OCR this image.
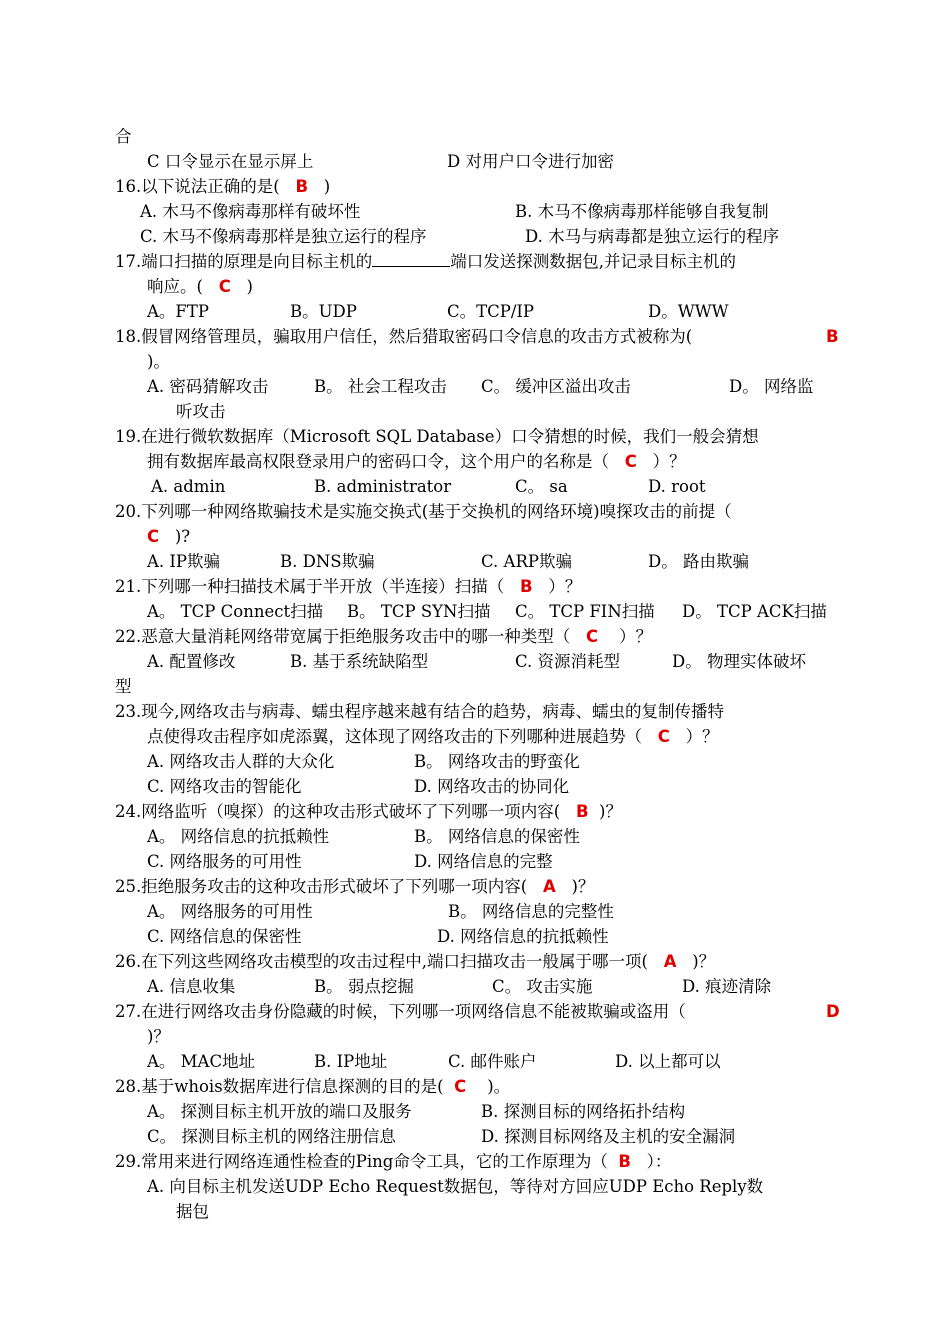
合
C 口令显示在显示屏上	D 对用户口令进行加密
16.以下说法正确的是( B )
A. 木马不像病毒那样有破坏性	B. 木马不像病毒那样能够自我复制
C. 木马不像病毒那样是独立运行的程序	D. 木马与病毒都是独立运行的程序
17.端口扫描的原理是向目标主机的	端口发送探测数据包,并记录目标主机的
响应。( C )
A。FTP	B。UDP	C。TCP/IP	D。WWW
18.假冒网络管理员，骗取用户信任，然后猎取密码口令信息的攻击方式被称为(	B
)。
A. 密码猜解攻击	B。 社会工程攻击 C。 缓冲区溢出攻击	D。 网络监
听攻击
19.在进行微软数据库（Microsoft SQL Database）口令猜想的时候，我们一般会猜想
拥有数据库最高权限登录用户的密码口令，这个用户的名称是（ C ）？
A. admin	B. administrator	C。 sa	D. root
20.下列哪一种网络欺骗技术是实施交换式(基于交换机的网络环境)嗅探攻击的前提（
C )?
A. IP欺骗	B. DNS欺骗	C. ARP欺骗	D。 路由欺骗
21.下列哪一种扫描技术属于半开放（半连接）扫描（ B ）？
A。 TCP Connect扫描 B。 TCP SYN扫描 C。 TCP FIN扫描 D。 TCP ACK扫描
22.恶意大量消耗网络带宽属于拒绝服务攻击中的哪一种类型（ C ）？
A. 配置修改	B. 基于系统缺陷型	C. 资源消耗型	D。 物理实体破坏
型
23.现今,网络攻击与病毒、蠕虫程序越来越有结合的趋势，病毒、蠕虫的复制传播特
点使得攻击程序如虎添翼，这体现了网络攻击的下列哪种进展趋势（ C ）？
A. 网络攻击人群的大众化	B。 网络攻击的野蛮化
C. 网络攻击的智能化	D. 网络攻击的协同化
24.网络监听（嗅探）的这种攻击形式破坏了下列哪一项内容( B )？
A。 网络信息的抗抵赖性	B。 网络信息的保密性
C. 网络服务的可用性	D. 网络信息的完整
25.拒绝服务攻击的这种攻击形式破坏了下列哪一项内容( A )？
A。 网络服务的可用性	B。 网络信息的完整性
C. 网络信息的保密性	D. 网络信息的抗抵赖性
26.在下列这些网络攻击模型的攻击过程中,端口扫描攻击一般属于哪一项( A )？
A. 信息收集	B。 弱点挖掘	C。 攻击实施	D. 痕迹清除
27.在进行网络攻击身份隐藏的时候，下列哪一项网络信息不能被欺骗或盗用（	D
)？
A。 MAC地址	B. IP地址	C. 邮件账户	D. 以上都可以
28.基于whois数据库进行信息探测的目的是( C )。
A。 探测目标主机开放的端口及服务	B. 探测目标的网络拓扑结构
C。 探测目标主机的网络注册信息	D. 探测目标网络及主机的安全漏洞
29.常用来进行网络连通性检查的Ping命令工具，它的工作原理为（ B ）：
A. 向目标主机发送UDP Echo Request数据包，等待对方回应UDP Echo Reply数
据包
